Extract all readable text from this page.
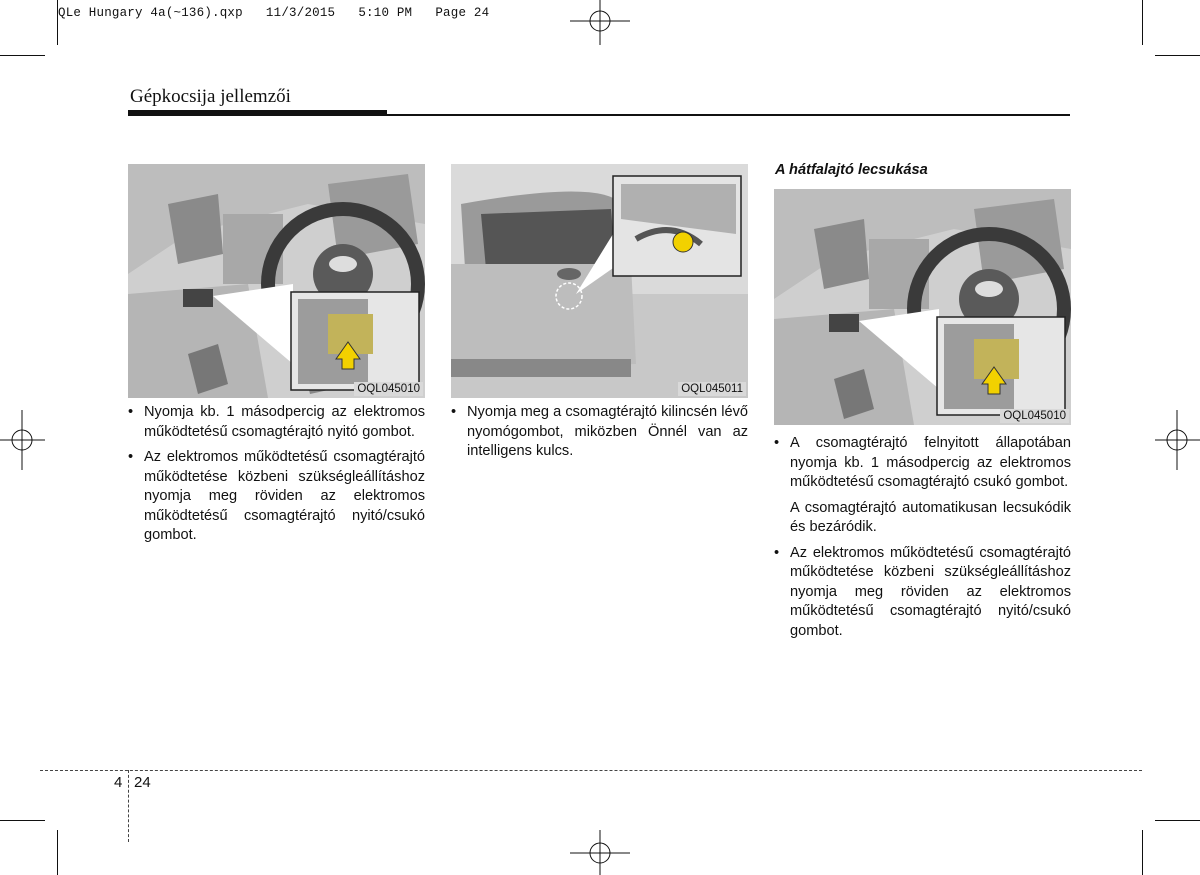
QLe Hungary 4a(~136).qxp   11/3/2015   5:10 PM   Page 24
Gépkocsija jellemzői
OQL045010	OQL045011
OQL045010
• Nyomja kb. 1 másodpercig az elektromos működtetésű csomagtérajtó nyitó gombot.
• Az elektromos működtetésű csomagtérajtó működtetése közbeni szükségleállításhoz nyomja meg röviden az elektromos működtetésű csomagtérajtó nyitó/csukó gombot.
• Nyomja meg a csomagtérajtó kilincsén lévő nyomógombot, miközben Önnél van az intelligens kulcs.
A hátfalajtó lecsukása
• A csomagtérajtó felnyitott állapotában nyomja kb. 1 másodpercig az elektromos működtetésű csomagtérajtó csukó gombot.
A csomagtérajtó automatikusan lecsukódik és bezáródik.
• Az elektromos működtetésű csomagtérajtó működtetése közbeni szükségleállításhoz nyomja meg röviden az elektromos működtetésű csomagtérajtó nyitó/csukó gombot.
4 24
